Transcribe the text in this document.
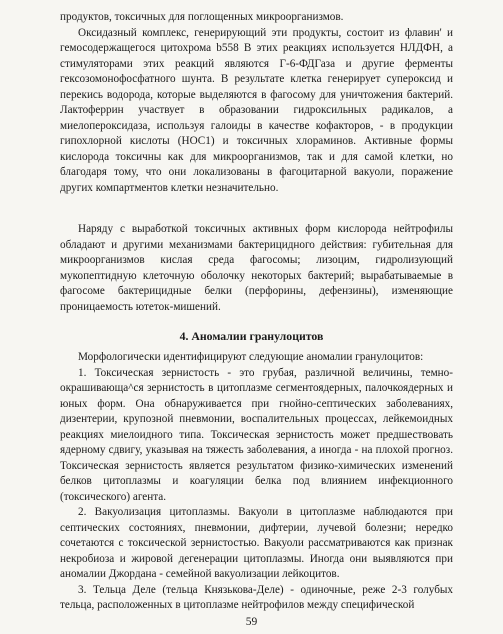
продуктов, токсичных для поглощенных микроорганизмов.

Оксидазный комплекс, генерирующий эти продукты, состоит из флавин' и гемосодержащегося цитохрома b558 В этих реакциях используется НЛДФН, а стимуляторами этих реакций являются Г-6-ФДГаза и другие ферменты гексозомонофосфатного шунта. В результате клетка генерирует супероксид и перекись водорода, которые выделяются в фагосому для уничтожения бактерий. Лактоферрин участвует в образовании гидроксильных радикалов, а миелопероксидаза, используя галоиды в качестве кофакторов, - в продукции гипохлорной кислоты (НОС1) и токсичных хлораминов. Активные формы кислорода токсичны как для микроорганизмов, так и для самой клетки, но благодаря тому, что они локализованы в фагоцитарной вакуоли, поражение других компартментов клетки незначительно.

Наряду с выработкой токсичных активных форм кислорода нейтрофилы обладают и другими механизмами бактерицидного действия: губительная для микроорганизмов кислая среда фагосомы; лизоцим, гидролизующий мукопептидную клеточную оболочку некоторых бактерий; вырабатываемые в фагосоме бактерицидные белки (перфорины, дефензины), изменяющие проницаемость ютеток-мишений.

4. Аномалии гранулоцитов

Морфологически идентифицируют следующие аномалии гранулоцитов:

1. Токсическая зернистость - это грубая, различной величины, темно-окрашивающа^ся зернистость в цитоплазме сегментоядерных, палочкоядерных и юных форм. Она обнаруживается при гнойно-септических заболеваниях, дизентерии, крупозной пневмонии, воспалительных процессах, лейкемоидных реакциях миелоидного типа. Токсическая зернистость может предшествовать ядерному сдвигу, указывая на тяжесть заболевания, а иногда - на плохой прогноз. Токсическая зернистость является результатом физико-химических изменений белков цитоплазмы и коагуляции белка под влиянием инфекционного (токсического) агента.

2. Вакуолизация цитоплазмы. Вакуоли в цитоплазме наблюдаются при септических состояниях, пневмонии, дифтерии, лучевой болезни; нередко сочетаются с токсической зернистостью. Вакуоли рассматриваются как признак некробиоза и жировой дегенерации цитоплазмы. Иногда они выявляются при аномалии Джордана - семейной вакуолизации лейкоцитов.

3. Тельца Деле (тельца Князькова-Деле) - одиночные, реже 2-3 голубых тельца, расположенных в цитоплазме нейтрофилов между специфической

59
